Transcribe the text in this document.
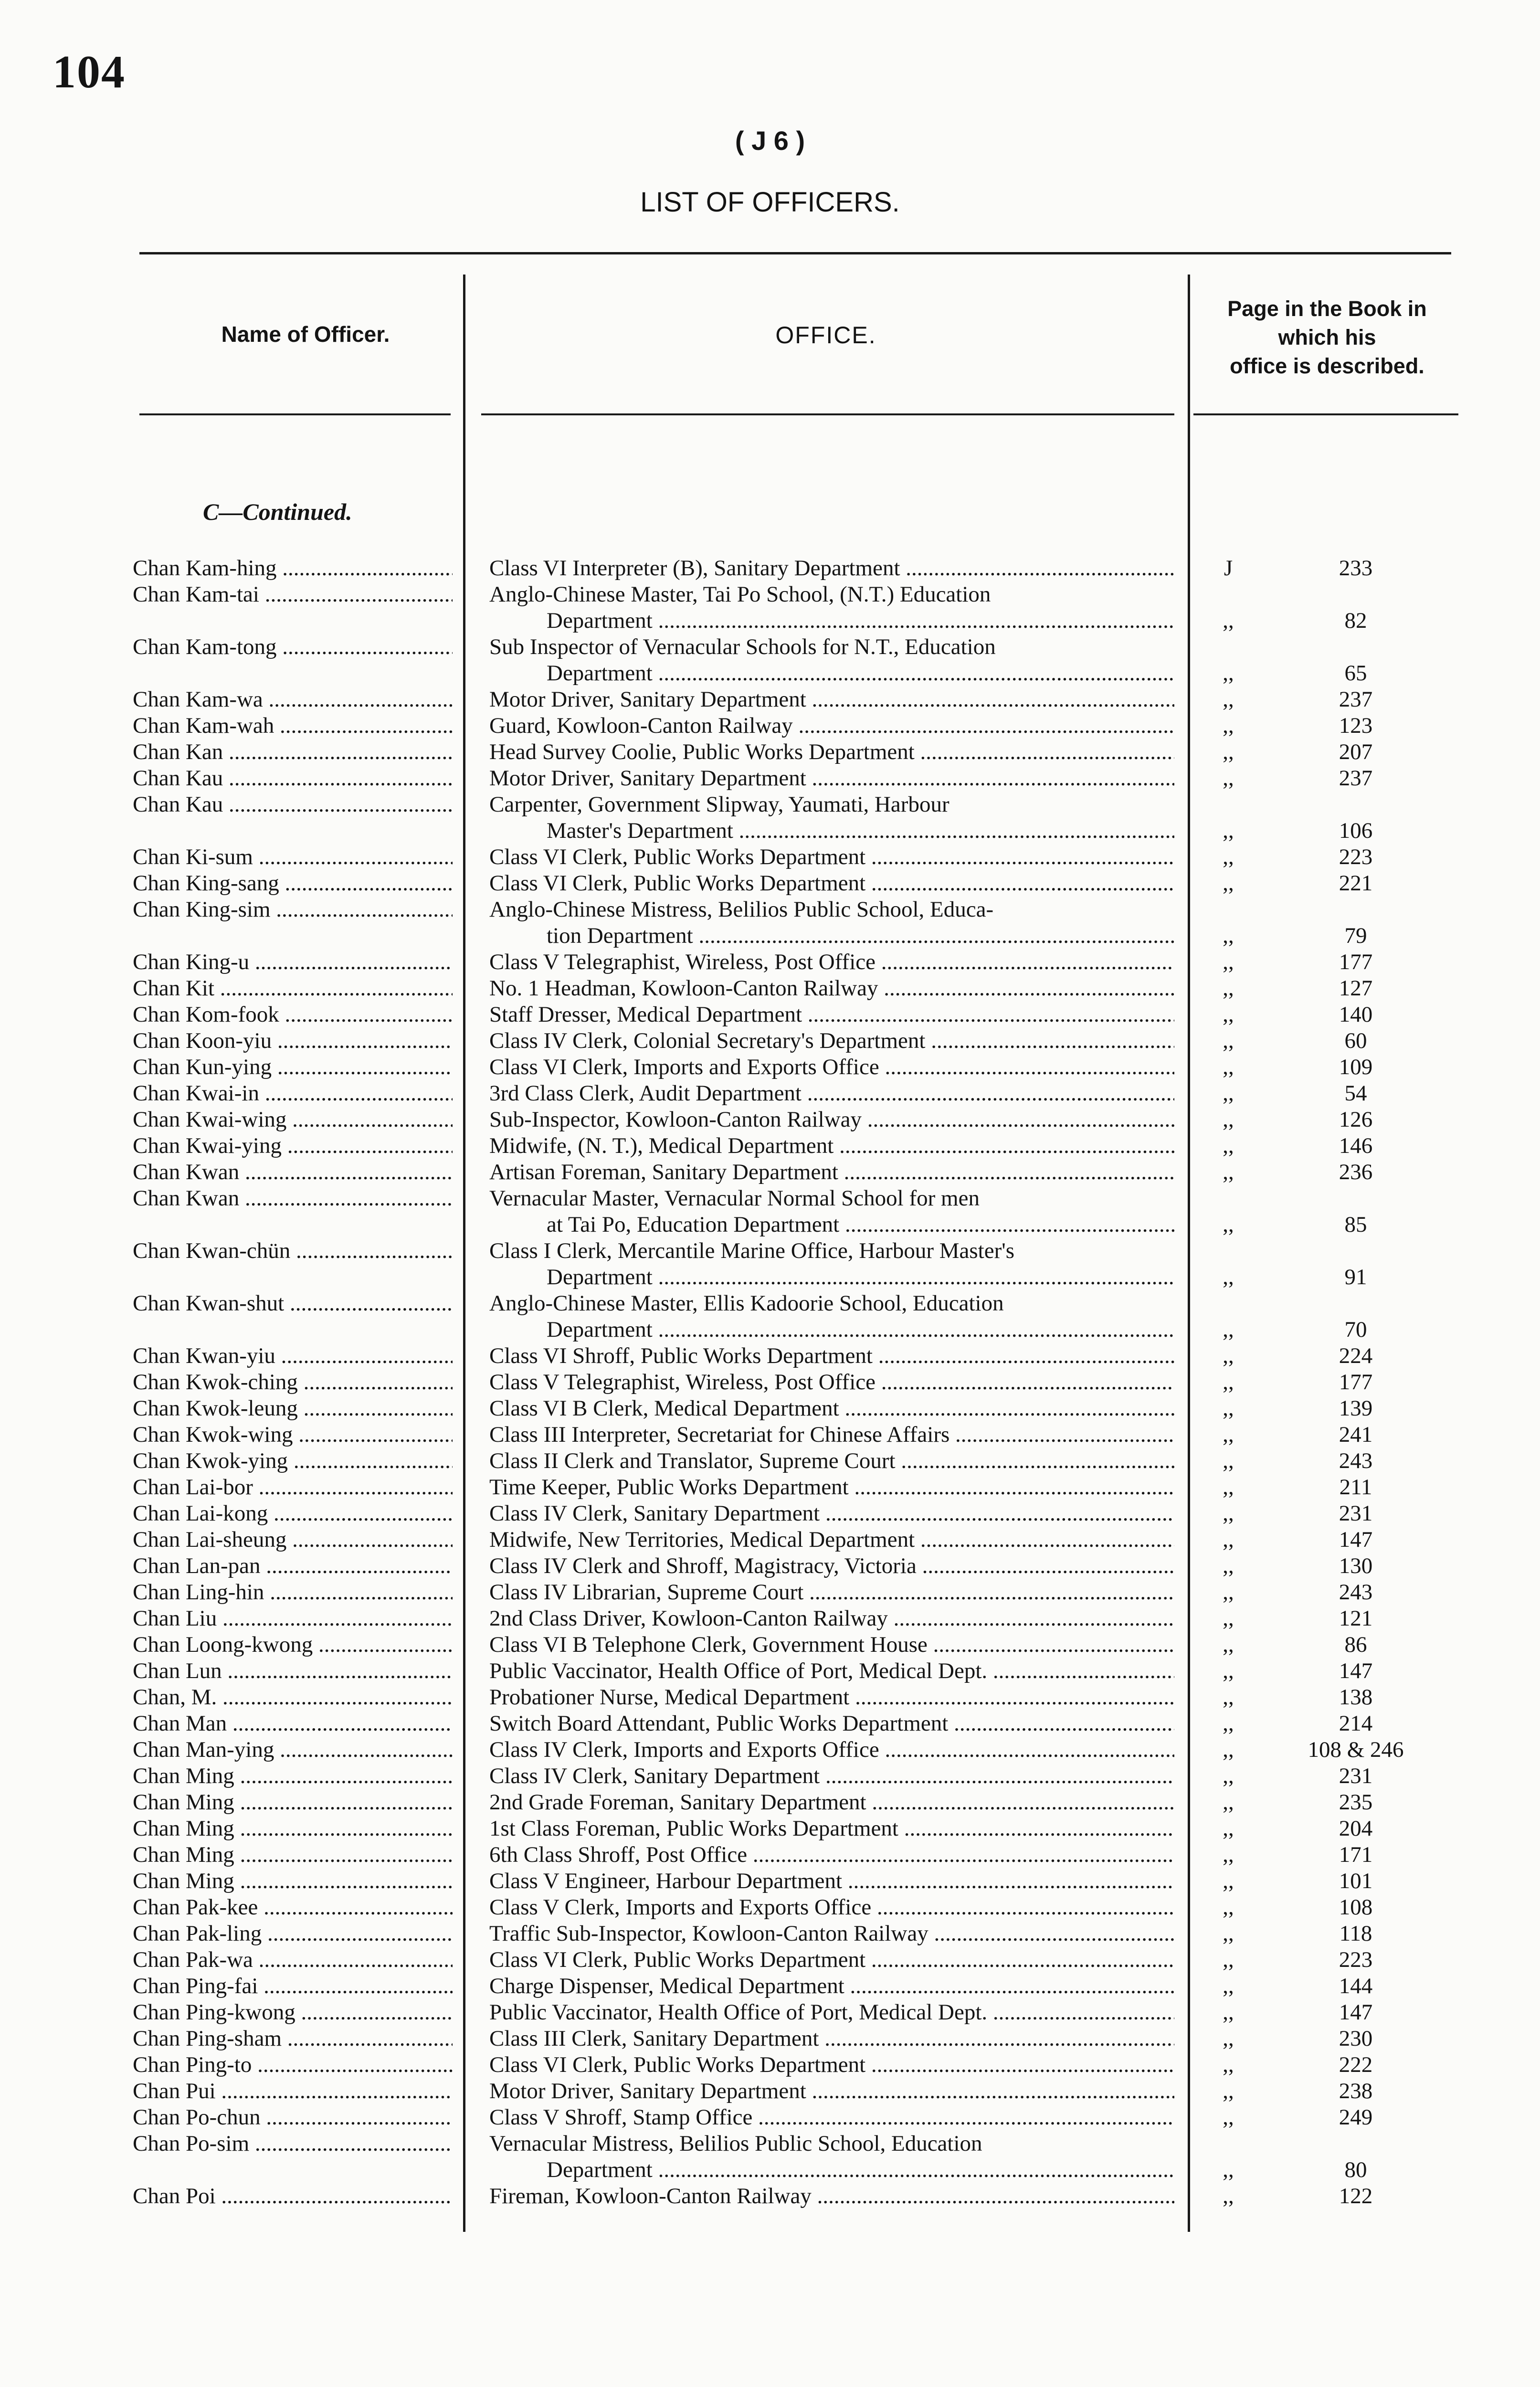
104
( J 6 )
LIST OF OFFICERS.
Name of Officer.	OFFICE.
Page in the Book in
which his
office is described.
C—Continued.
Chan Kam-hing .....	Class VI Interpreter (B), Sanitary Department .....	J	233
Chan Kam-tai .....	Anglo-Chinese Master, Tai Po School, (N.T.) Education
Department .....	,,	82
Chan Kam-tong .....	Sub Inspector of Vernacular Schools for N.T., Education
Department .....	,,	65
Chan Kam-wa .....	Motor Driver, Sanitary Department .....	,,	237
Chan Kam-wah .....	Guard, Kowloon-Canton Railway .....	,,	123
Chan Kan .....	Head Survey Coolie, Public Works Department .....	,,	207
Chan Kau .....	Motor Driver, Sanitary Department .....	,,	237
Chan Kau .....	Carpenter, Government Slipway, Yaumati, Harbour
Master's Department .....	,,	106
Chan Ki-sum .....	Class VI Clerk, Public Works Department .....	,,	223
Chan King-sang .....	Class VI Clerk, Public Works Department .....	,,	221
Chan King-sim .....	Anglo-Chinese Mistress, Belilios Public School, Educa-
tion Department .....	,,	79
Chan King-u .....	Class V Telegraphist, Wireless, Post Office .....	,,	177
Chan Kit .....	No. 1 Headman, Kowloon-Canton Railway .....	,,	127
Chan Kom-fook .....	Staff Dresser, Medical Department .....	,,	140
Chan Koon-yiu .....	Class IV Clerk, Colonial Secretary's Department .....	,,	60
Chan Kun-ying .....	Class VI Clerk, Imports and Exports Office .....	,,	109
Chan Kwai-in .....	3rd Class Clerk, Audit Department .....	,,	54
Chan Kwai-wing .....	Sub-Inspector, Kowloon-Canton Railway .....	,,	126
Chan Kwai-ying .....	Midwife, (N. T.), Medical Department .....	,,	146
Chan Kwan .....	Artisan Foreman, Sanitary Department .....	,,	236
Chan Kwan .....	Vernacular Master, Vernacular Normal School for men
at Tai Po, Education Department .....	,,	85
Chan Kwan-chün .....	Class I Clerk, Mercantile Marine Office, Harbour Master's
Department .....	,,	91
Chan Kwan-shut .....	Anglo-Chinese Master, Ellis Kadoorie School, Education
Department .....	,,	70
Chan Kwan-yiu .....	Class VI Shroff, Public Works Department .....	,,	224
Chan Kwok-ching .....	Class V Telegraphist, Wireless, Post Office .....	,,	177
Chan Kwok-leung .....	Class VI B Clerk, Medical Department .....	,,	139
Chan Kwok-wing .....	Class III Interpreter, Secretariat for Chinese Affairs .....	,,	241
Chan Kwok-ying .....	Class II Clerk and Translator, Supreme Court .....	,,	243
Chan Lai-bor .....	Time Keeper, Public Works Department .....	,,	211
Chan Lai-kong .....	Class IV Clerk, Sanitary Department .....	,,	231
Chan Lai-sheung .....	Midwife, New Territories, Medical Department .....	,,	147
Chan Lan-pan .....	Class IV Clerk and Shroff, Magistracy, Victoria .....	,,	130
Chan Ling-hin .....	Class IV Librarian, Supreme Court .....	,,	243
Chan Liu .....	2nd Class Driver, Kowloon-Canton Railway .....	,,	121
Chan Loong-kwong .....	Class VI B Telephone Clerk, Government House .....	,,	86
Chan Lun .....	Public Vaccinator, Health Office of Port, Medical Dept. .....	,,	147
Chan, M. .....	Probationer Nurse, Medical Department .....	,,	138
Chan Man .....	Switch Board Attendant, Public Works Department .....	,,	214
Chan Man-ying .....	Class IV Clerk, Imports and Exports Office .....	,,	108 & 246
Chan Ming .....	Class IV Clerk, Sanitary Department .....	,,	231
Chan Ming .....	2nd Grade Foreman, Sanitary Department .....	,,	235
Chan Ming .....	1st Class Foreman, Public Works Department .....	,,	204
Chan Ming .....	6th Class Shroff, Post Office .....	,,	171
Chan Ming .....	Class V Engineer, Harbour Department .....	,,	101
Chan Pak-kee .....	Class V Clerk, Imports and Exports Office .....	,,	108
Chan Pak-ling .....	Traffic Sub-Inspector, Kowloon-Canton Railway .....	,,	118
Chan Pak-wa .....	Class VI Clerk, Public Works Department .....	,,	223
Chan Ping-fai .....	Charge Dispenser, Medical Department .....	,,	144
Chan Ping-kwong .....	Public Vaccinator, Health Office of Port, Medical Dept. .....	,,	147
Chan Ping-sham .....	Class III Clerk, Sanitary Department .....	,,	230
Chan Ping-to .....	Class VI Clerk, Public Works Department .....	,,	222
Chan Pui .....	Motor Driver, Sanitary Department .....	,,	238
Chan Po-chun .....	Class V Shroff, Stamp Office .....	,,	249
Chan Po-sim .....	Vernacular Mistress, Belilios Public School, Education
Department .....	,,	80
Chan Poi .....	Fireman, Kowloon-Canton Railway .....	,,	122
